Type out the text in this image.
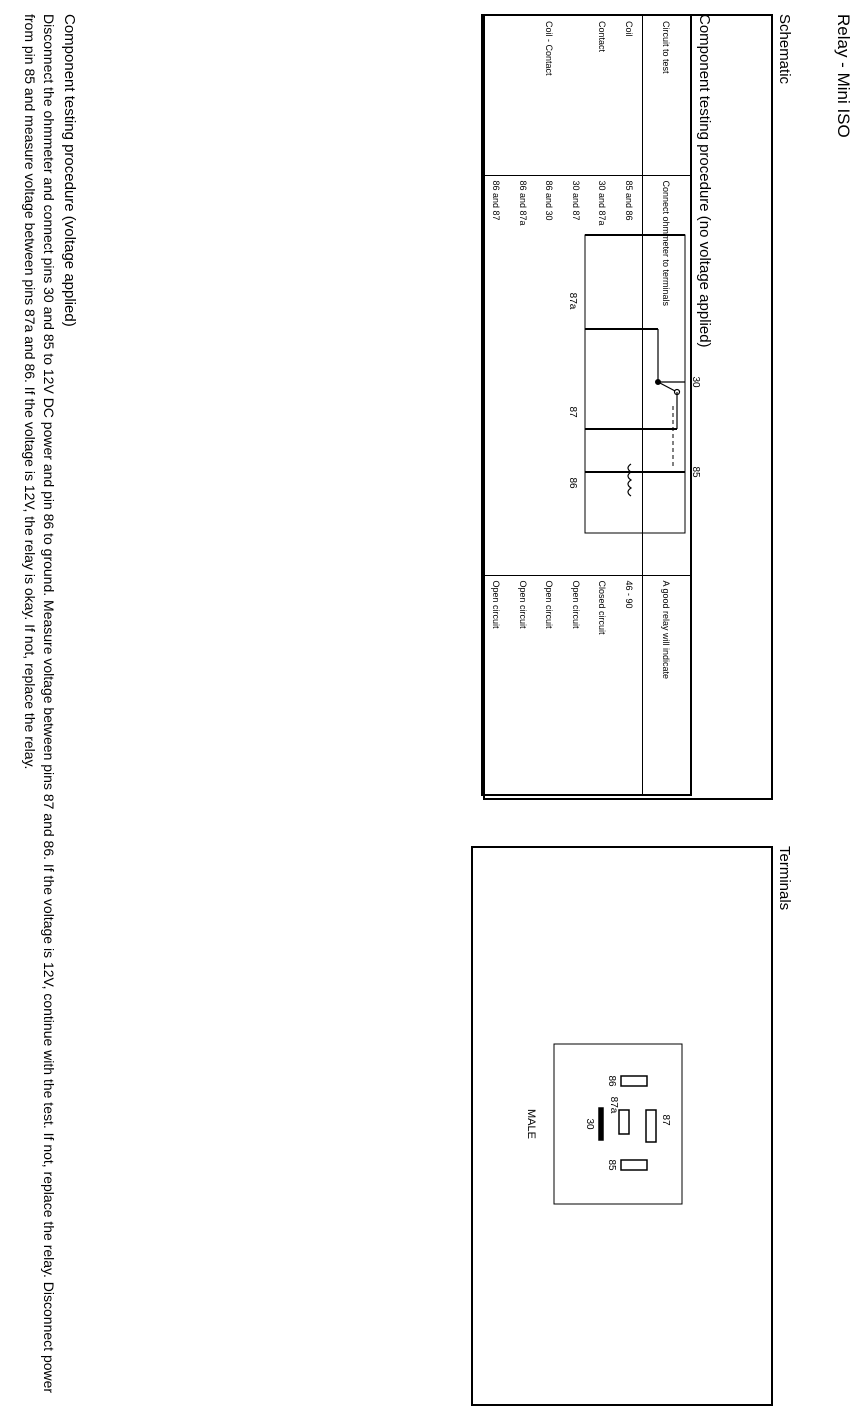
Relay - Mini ISO
Schematic
30
85
87a
87
86
Terminals
87
86
87a
30
85
MALE
Component testing procedure (no voltage applied)
Circuit to test	Connect ohmmeter to terminals	A good relay will indicate
Coil	85 and 86	46 - 90
Contact	30 and 87a	Closed circuit
	30 and 87	Open circuit
Coil - Contact	86 and 30	Open circuit
	86 and 87a	Open circuit
	86 and 87	Open circuit
Component testing procedure (voltage applied)

Disconnect the ohmmeter and connect pins 30 and 85 to 12V DC power and pin 86 to ground. Measure voltage between pins 87 and 86. If the voltage is 12V, continue with the test. If not, replace the relay. Disconnect power from pin 85 and measure voltage between pins 87a and 86. If the voltage is 12V, the relay is okay. If not, replace the relay.
